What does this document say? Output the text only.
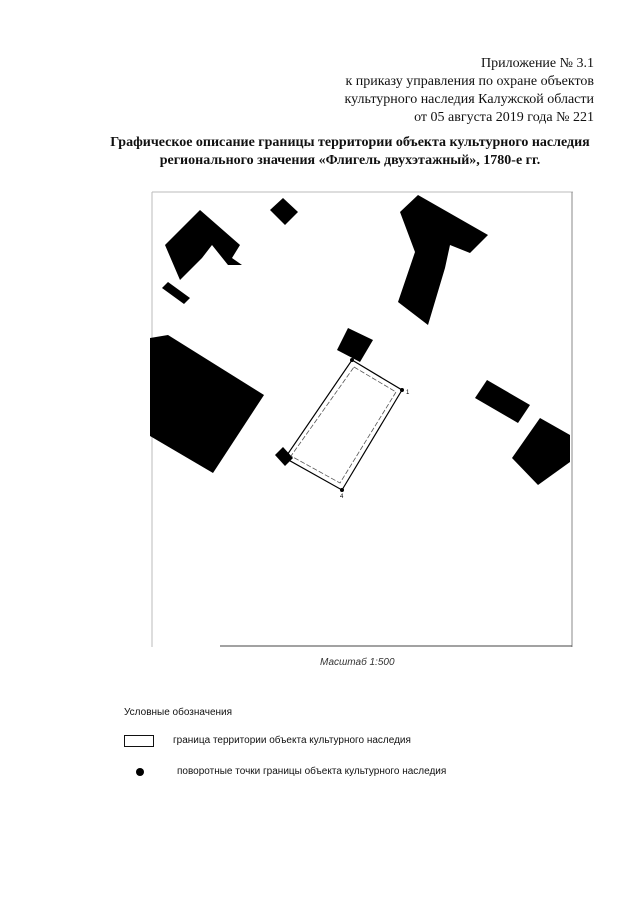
Приложение № 3.1
к приказу управления по охране объектов
культурного наследия Калужской области
от 05 августа 2019 года № 221
Графическое описание границы территории объекта культурного наследия
регионального значения «Флигель двухэтажный», 1780-е гг.
1
2
3
4
Масштаб 1:500
Условные обозначения
граница территории объекта культурного наследия
поворотные точки границы объекта культурного наследия
